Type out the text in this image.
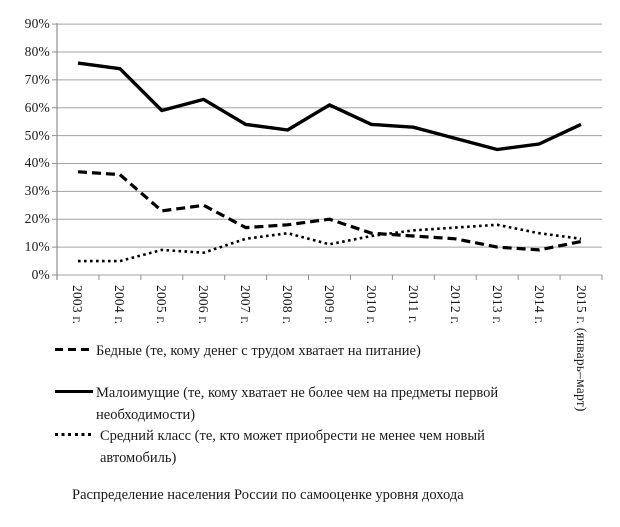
90%
80%
70%
60%
50%
40%
30%
20%
10%
0%
2003 г. 2004 г. 2005 г. 2006 г. 2007 г. 2008 г. 2009 г. 2010 г. 2011 г. 2012 г. 2013 г. 2014 г. 2015 г. (январь–март)
Бедные (те, кому денег с трудом хватает на питание)
Малоимущие (те, кому хватает не более чем на предметы первой необходимости)
Средний класс (те, кто может приобрести не менее чем новый автомобиль)
Распределение населения России по самооценке уровня дохода
